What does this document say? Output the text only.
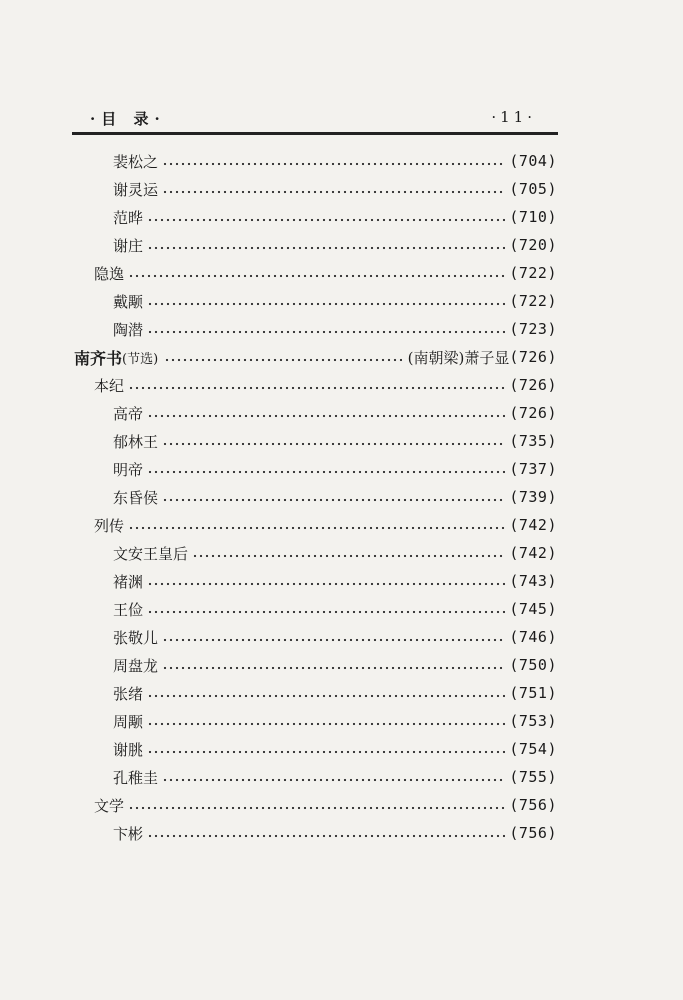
·目 录·	·11·
裴松之	(704)
谢灵运	(705)
范晔	(710)
谢庄	(720)
隐逸	(722)
戴颙	(722)
陶潜	(723)
南齐书 (节选)	(南朝梁)萧子显 (726)
本纪	(726)
高帝	(726)
郁林王	(735)
明帝	(737)
东昏侯	(739)
列传	(742)
文安王皇后	(742)
褚渊	(743)
王俭	(745)
张敬儿	(746)
周盘龙	(750)
张绪	(751)
周颙	(753)
谢朓	(754)
孔稚圭	(755)
文学	(756)
卞彬	(756)
